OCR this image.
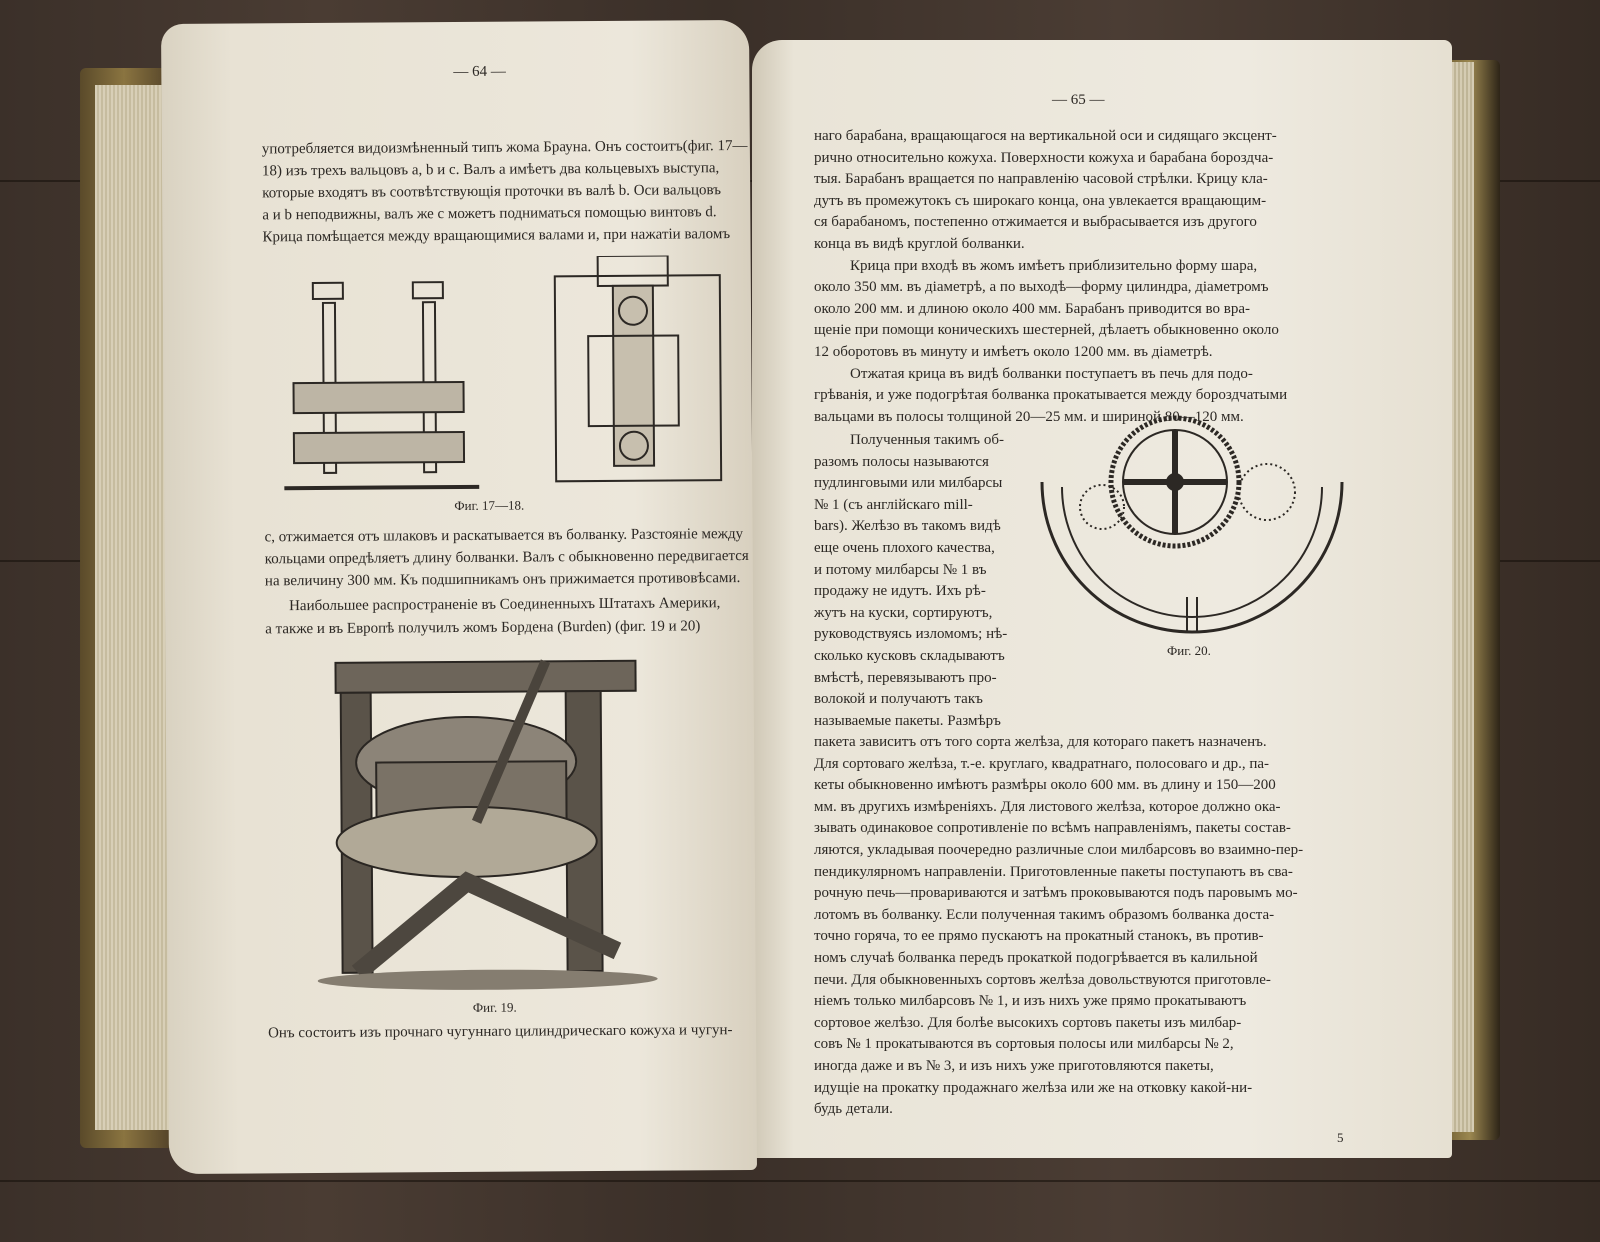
— 64 —
употребляется видоизмѣненный типъ жома Брауна. Онъ состоитъ(фиг. 17—
18) изъ трехъ вальцовъ a, b и c. Валъ a имѣетъ два кольцевыхъ выступа,
которые входятъ въ соотвѣтствующія проточки въ валѣ b. Оси вальцовъ
a и b неподвижны, валъ же c можетъ подниматься помощью винтовъ d.
Крица помѣщается между вращающимися валами и, при нажатіи валомъ
Фиг. 17—18.
c, отжимается отъ шлаковъ и раскатывается въ болванку. Разстояніе между
кольцами опредѣляетъ длину болванки. Валъ c обыкновенно передвигается
на величину 300 мм. Къ подшипникамъ онъ прижимается противовѣсами.
Наибольшее распространеніе въ Соединенныхъ Штатахъ Америки,
а также и въ Европѣ получилъ жомъ Бордена (Burden) (фиг. 19 и 20)
Фиг. 19.
Онъ состоитъ изъ прочнаго чугуннаго цилиндрическаго кожуха и чугун-
— 65 —
наго барабана, вращающагося на вертикальной оси и сидящаго эксцент-
рично относительно кожуха. Поверхности кожуха и барабана бороздча-
тыя. Барабанъ вращается по направленію часовой стрѣлки. Крицу кла-
дутъ въ промежутокъ съ широкаго конца, она увлекается вращающим-
ся барабаномъ, постепенно отжимается и выбрасывается изъ другого
конца въ видѣ круглой болванки.
Крица при входѣ въ жомъ имѣетъ приблизительно форму шара,
около 350 мм. въ діаметрѣ, а по выходѣ—форму цилиндра, діаметромъ
около 200 мм. и длиною около 400 мм. Барабанъ приводится во вра-
щеніе при помощи коническихъ шестерней, дѣлаетъ обыкновенно около
12 оборотовъ въ минуту и имѣетъ около 1200 мм. въ діаметрѣ.
Отжатая крица въ видѣ болванки поступаетъ въ печь для подо-
грѣванія, и уже подогрѣтая болванка прокатывается между бороздчатыми
вальцами въ полосы толщиной 20—25 мм. и шириной 80—120 мм.
Полученныя такимъ об-
разомъ полосы называются
пудлинговыми или милбарсы
№ 1 (съ англійскаго mill-
bars). Желѣзо въ такомъ видѣ
еще очень плохого качества,
и потому милбарсы № 1 въ
продажу не идутъ. Ихъ рѣ-
жутъ на куски, сортируютъ,
руководствуясь изломомъ; нѣ-
сколько кусковъ складываютъ
вмѣстѣ, перевязываютъ про-
волокой и получаютъ такъ
называемые пакеты. Размѣръ
пакета зависитъ отъ того сорта желѣза, для котораго пакетъ назначенъ.
Для сортоваго желѣза, т.-е. круглаго, квадратнаго, полосоваго и др., па-
кеты обыкновенно имѣютъ размѣры около 600 мм. въ длину и 150—200
мм. въ другихъ измѣреніяхъ. Для листового желѣза, которое должно ока-
зывать одинаковое сопротивленіе по всѣмъ направленіямъ, пакеты состав-
ляются, укладывая поочередно различные слои милбарсовъ во взаимно-пер-
пендикулярномъ направленіи. Приготовленные пакеты поступаютъ въ сва-
рочную печь—провариваются и затѣмъ проковываются подъ паровымъ мо-
лотомъ въ болванку. Если полученная такимъ образомъ болванка доста-
точно горяча, то ее прямо пускаютъ на прокатный станокъ, въ против-
номъ случаѣ болванка передъ прокаткой подогрѣвается въ калильной
печи. Для обыкновенныхъ сортовъ желѣза довольствуются приготовле-
ніемъ только милбарсовъ № 1, и изъ нихъ уже прямо прокатываютъ
сортовое желѣзо. Для болѣе высокихъ сортовъ пакеты изъ милбар-
совъ № 1 прокатываются въ сортовыя полосы или милбарсы № 2,
иногда даже и въ № 3, и изъ нихъ уже приготовляются пакеты,
идущіе на прокатку продажнаго желѣза или же на отковку какой-ни-
будь детали.
Фиг. 20.
5
